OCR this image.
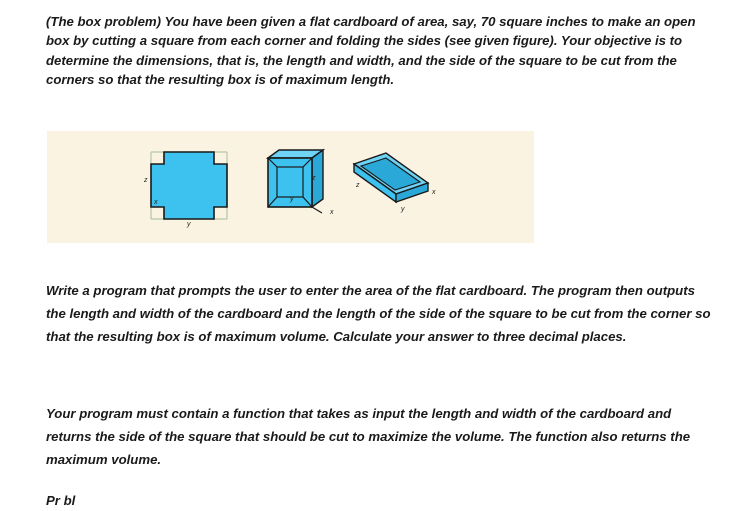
(The box problem) You have been given a flat cardboard of area, say, 70 square inches to make an open box by cutting a square from each corner and folding the sides (see given figure). Your objective is to determine the dimensions, that is, the length and width, and the side of the square to be cut from the corners so that the resulting box is of maximum length.

z
x
y
z
y
x
z
x
y

Write a program that prompts the user to enter the area of the flat cardboard. The program then outputs the length and width of the cardboard and the length of the side of the square to be cut from the corner so that the resulting box is of maximum volume. Calculate your answer to three decimal places.

Your program must contain a function that takes as input the length and width of the cardboard and returns the side of the square that should be cut to maximize the volume. The function also returns the maximum volume.

Pr bl
